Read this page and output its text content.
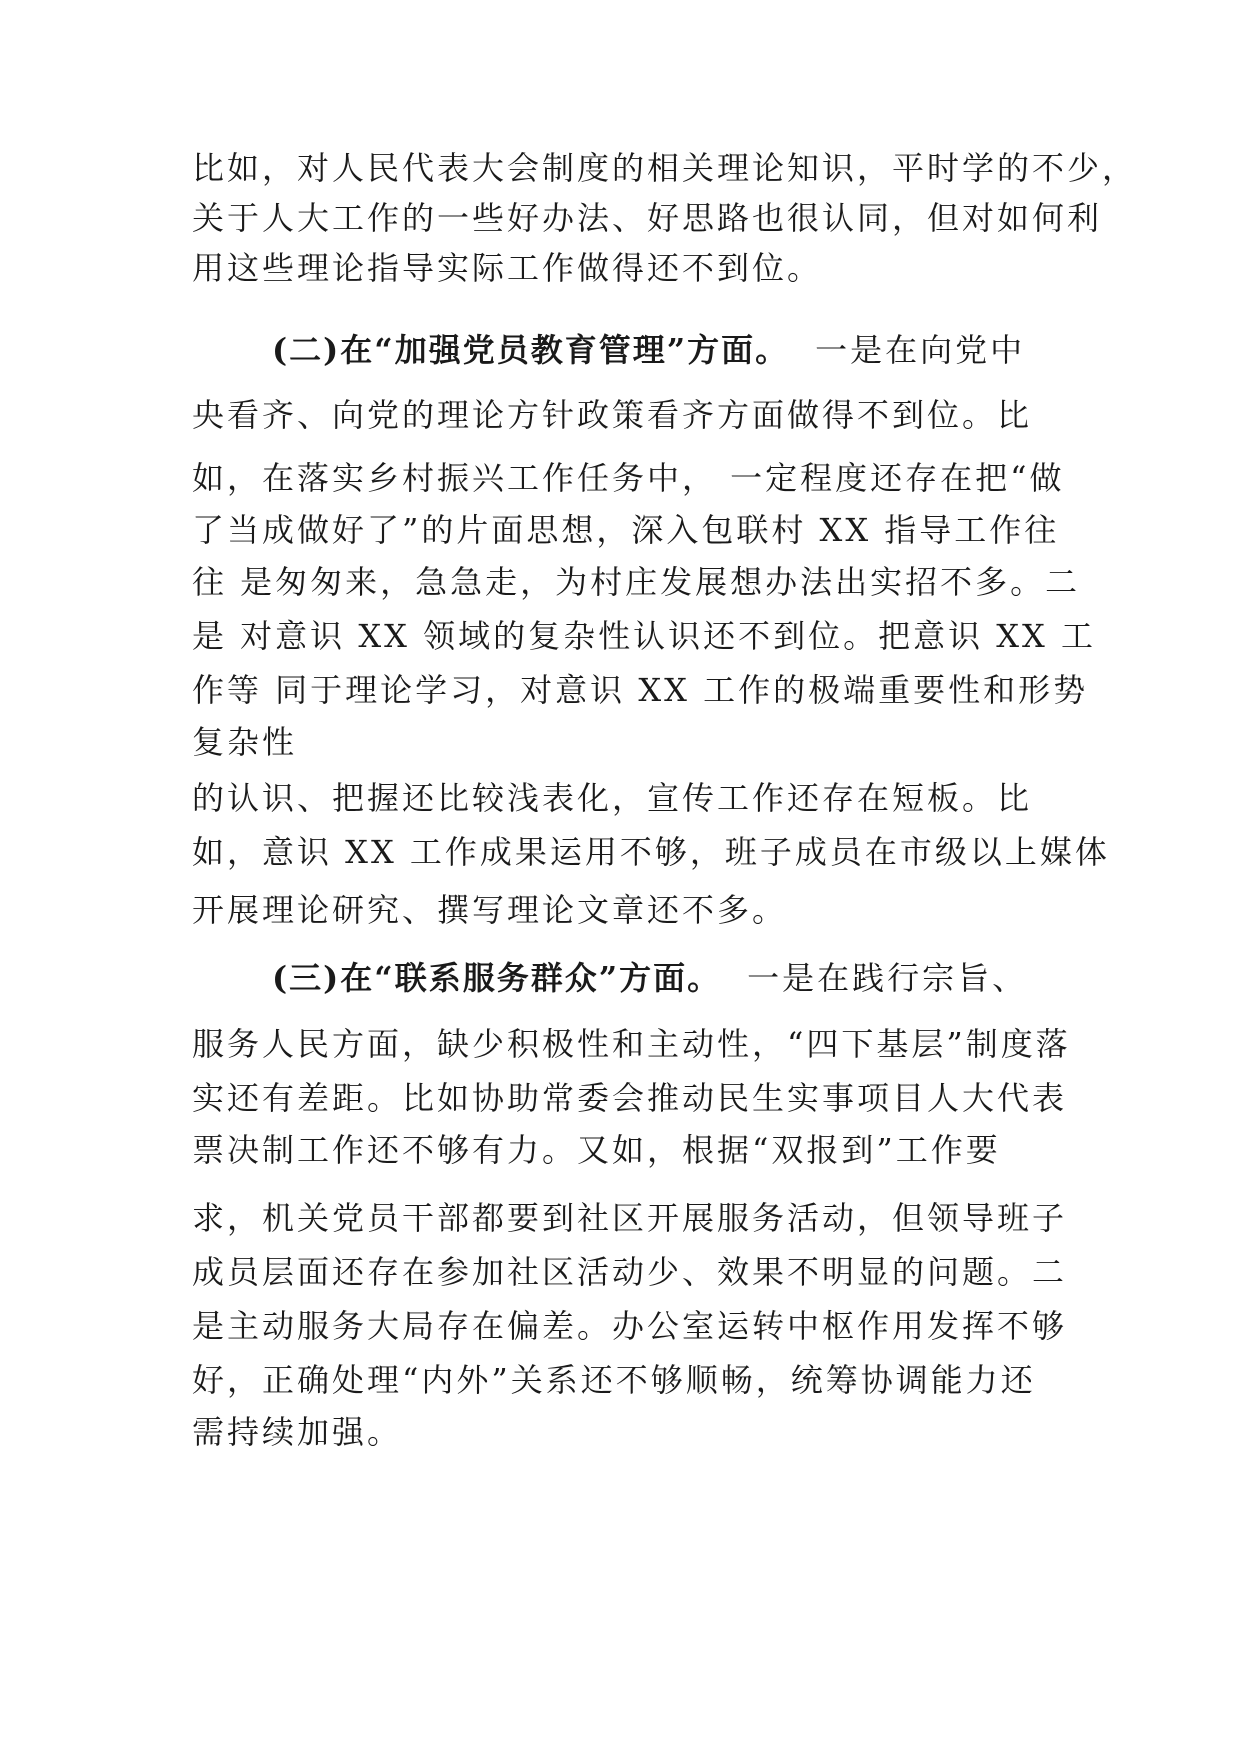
比如，对人民代表大会制度的相关理论知识，平时学的不少，

关于人大工作的一些好办法、好思路也很认同，但对如何利

用这些理论指导实际工作做得还不到位。

(二)在“加强党员教育管理”方面。 一是在向党中

央看齐、向党的理论方针政策看齐方面做得不到位。比

如，在落实乡村振兴工作任务中， 一定程度还存在把“做

了当成做好了”的片面思想，深入包联村 XX 指导工作往

往 是匆匆来，急急走，为村庄发展想办法出实招不多。二

是 对意识 XX 领域的复杂性认识还不到位。把意识 XX 工

作等 同于理论学习，对意识 XX 工作的极端重要性和形势

复杂性

的认识、把握还比较浅表化，宣传工作还存在短板。比

如，意识 XX 工作成果运用不够，班子成员在市级以上媒体

开展理论研究、撰写理论文章还不多。

(三)在“联系服务群众”方面。 一是在践行宗旨、

服务人民方面，缺少积极性和主动性，“四下基层”制度落

实还有差距。比如协助常委会推动民生实事项目人大代表

票决制工作还不够有力。又如，根据“双报到”工作要

求，机关党员干部都要到社区开展服务活动，但领导班子

成员层面还存在参加社区活动少、效果不明显的问题。二

是主动服务大局存在偏差。办公室运转中枢作用发挥不够

好，正确处理“内外”关系还不够顺畅，统筹协调能力还

需持续加强。
